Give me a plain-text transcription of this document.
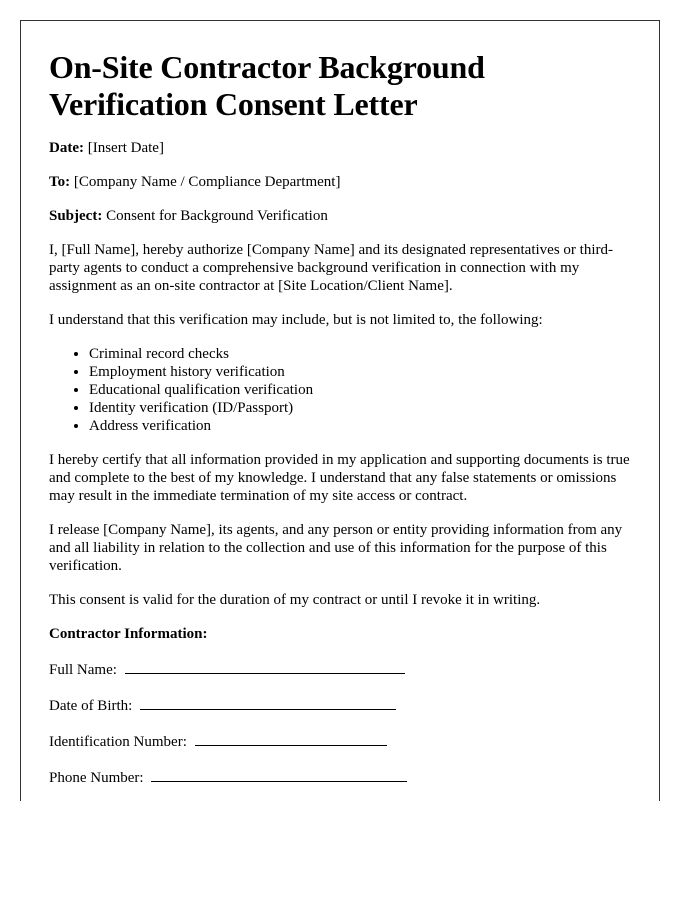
On-Site Contractor Background Verification Consent Letter

Date: [Insert Date]

To: [Company Name / Compliance Department]

Subject: Consent for Background Verification

I, [Full Name], hereby authorize [Company Name] and its designated representatives or third-party agents to conduct a comprehensive background verification in connection with my assignment as an on-site contractor at [Site Location/Client Name].

I understand that this verification may include, but is not limited to, the following:

• Criminal record checks
• Employment history verification
• Educational qualification verification
• Identity verification (ID/Passport)
• Address verification

I hereby certify that all information provided in my application and supporting documents is true and complete to the best of my knowledge. I understand that any false statements or omissions may result in the immediate termination of my site access or contract.

I release [Company Name], its agents, and any person or entity providing information from any and all liability in relation to the collection and use of this information for the purpose of this verification.

This consent is valid for the duration of my contract or until I revoke it in writing.

Contractor Information:

Full Name:
Date of Birth:
Identification Number:
Phone Number:
